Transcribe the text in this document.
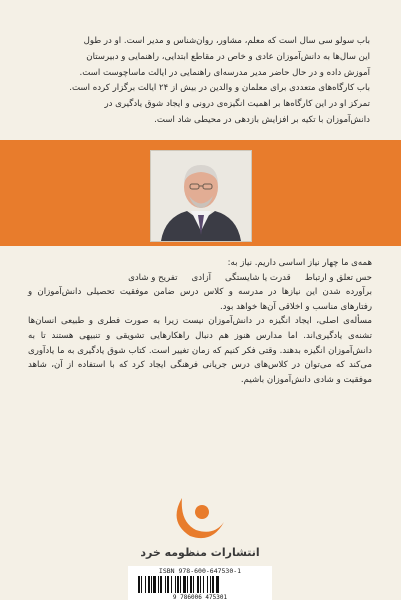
باب سولو سی سال است که معلم، مشاور، روان‌شناس و مدیر است. او در طول

این سال‌ها به دانش‌آموزان عادی و خاص در مقاطع ابتدایی، راهنمایی و دبیرستان

آموزش داده و در حال حاضر مدیر مدرسه‌ای راهنمایی در ایالت ماساچوست است.

باب کارگاه‌های متعددی برای معلمان و والدین در بیش از ۲۴ ایالت برگزار کرده است.

تمرکز او در این کارگاه‌ها بر اهمیت انگیزه‌ی درونی و ایجاد شوق یادگیری در

دانش‌آموزان با تکیه بر افزایش بازدهی در محیطی شاد است.

همه‌ی ما چهار نیاز اساسی داریم. نیاز به:

حس تعلق و ارتباط
قدرت یا شایستگی
آزادی
تفریح و شادی

برآورده شدن این نیازها در مدرسه و کلاس درس ضامن موفقیت تحصیلی دانش‌آموزان و رفتارهای مناسب و اخلاقی آن‌ها خواهد بود.

مسأله‌ی اصلی، ایجاد انگیزه در دانش‌آموزان نیست زیرا به صورت فطری و طبیعی انسان‌ها تشنه‌ی یادگیری‌اند. اما مدارس هنوز هم دنبال راهکارهایی تشویقی و تنبیهی هستند تا به دانش‌آموزان انگیزه بدهند. وقتی فکر کنیم که زمان تغییر است. کتاب شوق یادگیری به ما یادآوری می‌کند که می‌توان در کلاس‌های درس جریانی فرهنگی ایجاد کرد که با استفاده از آن، شاهد موفقیت و شادی دانش‌آموزان باشیم.

انتشارات منظومه خرد
ISBN 978-600-647530-1
9 786006 475301
